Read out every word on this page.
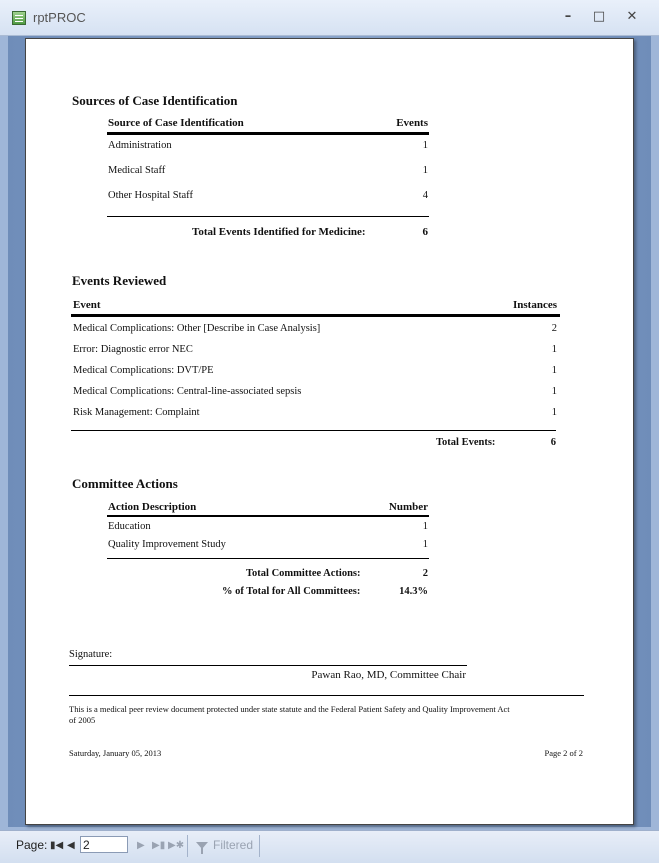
rptPROC	–	□	✕
Sources of Case Identification
Source of Case Identification	Events
Administration	1
Medical Staff	1
Other Hospital Staff	4
Total Events Identified for Medicine:	6
Events Reviewed
Event	Instances
Medical Complications: Other [Describe in Case Analysis]	2
Error: Diagnostic error NEC	1
Medical Complications: DVT/PE	1
Medical Complications: Central-line-associated sepsis	1
Risk Management: Complaint	1
Total Events:	6
Committee Actions
Action Description	Number
Education	1
Quality Improvement Study	1
Total Committee Actions:	2
% of Total for All Committees:	14.3%
Signature:
Pawan Rao, MD, Committee Chair
This is a medical peer review document protected under state statute and the Federal Patient Safety and Quality Improvement Act
of 2005
Saturday, January 05, 2013	Page 2 of 2
Page: ▮◀ ◀
2	▶ ▶▮ ▶✱ Filtered
